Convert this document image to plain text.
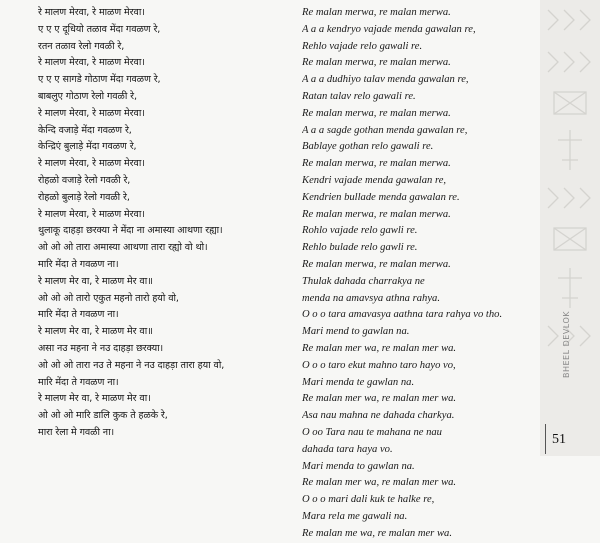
रे मालण मेरवा, रे माळण मेरवा।
ए ए ए दूधियो तळाव मेंदा गवळण रे,
रतन तळाव रेलो गवळी रे,
रे मालण मेरवा, रे माळण मेरवा।
ए ए ए सागडे गोठाण मेंदा गवळण रे,
बाबलुए गोठाण रेलो गवळी रे,
रे मालण मेरवा, रे माळण मेरवा।
केन्दि वजाड़े मेंदा गवळण रे,
केन्द्रिएं बुलाड़े मेंदा गवळण रे,
रे मालण मेरवा, रे माळण मेरवा।
रोहळो वजाड़े रेलो गवळी रे,
रोहळो बुलाड़े रेलो गवळी रे,
रे मालण मेरवा, रे माळण मेरवा।
थुलाकू दाहड़ा छरक्या ने मेंदा ना अमास्या आथणा रह्या।
ओ ओ ओ तारा अमास्या आथणा तारा रह्यो वो थो।
मारि मेंदा ते गवळण ना।
रे मालण मेर वा, रे माळण मेर वा॥
ओ ओ ओ तारो एकुत महनो तारो हयो वो,
मारि मेंदा ते गवळण ना।
रे मालण मेर वा, रे माळण मेर वा॥
असा नउ महना ने नउ दाहड़ा छरक्या।
ओ ओ ओ तारा नउ ते महना ने नउ दाहड़ा तारा हया वो,
मारि मेंदा ते गवळण ना।
रे मालण मेर वा, रे माळण मेर वा।
ओ ओ ओ मारि डालि कुक ते हळके रे,
मारा रेला मे गवळी ना।
Re malan merwa, re malan merwa.
A a a kendryo vajade menda gawalan re,
Rehlo vajade relo gawali re.
Re malan merwa, re malan merwa.
A a a dudhiyo talav menda gawalan re,
Ratan talav relo gawali re.
Re malan merwa, re malan merwa.
A a a sagde gothan menda gawalan re,
Bablaye gothan relo gawali re.
Re malan merwa, re malan merwa.
Kendri vajade menda gawalan re,
Kendrien bullade menda gawalan re.
Re malan merwa, re malan merwa.
Rohlo vajade relo gawli re.
Rehlo bulade relo gawli re.
Re malan merwa, re malan merwa.
Thulak dahada charrakya ne
menda na amavsya athna rahya.
O o o tara amavasya aathna tara rahya vo tho.
Mari mend to gawlan na.
Re malan mer wa, re malan mer wa.
O o o taro ekut mahno taro hayo vo,
Mari menda te gawlan na.
Re malan mer wa, re malan mer wa.
Asa nau mahna ne dahada charkya.
O oo Tara nau te mahana ne nau
dahada tara haya vo.
Mari menda to gawlan na.
Re malan mer wa, re malan mer wa.
O o o mari dali kuk te halke re,
Mara rela me gawali na.
Re malan me wa, re malan mer wa.
BHEEL DEVLOK
51
